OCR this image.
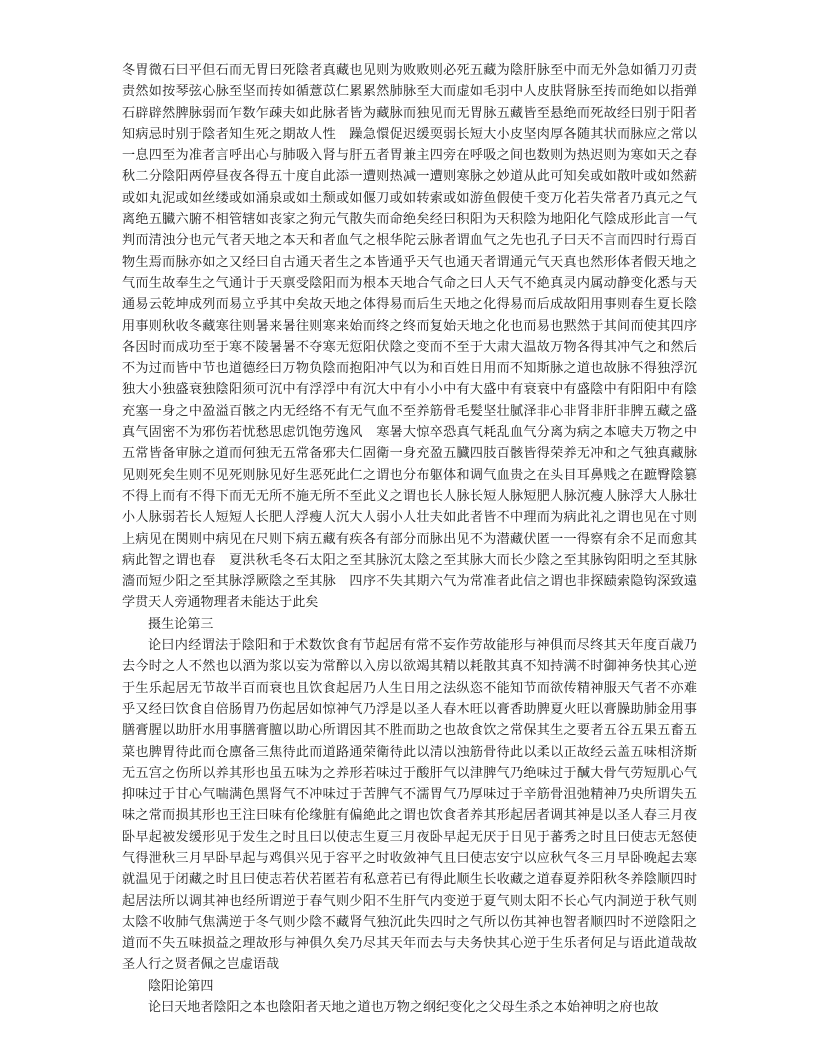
冬胃微石曰平但石而无胃曰死陰者真藏也见则为败败则必死五藏为陰肝脉至中而无外急如循刀刃责责然如按琴弦心脉至坚而抟如循薏苡仁累累然肺脉至大而虚如毛羽中人皮肤肾脉至抟而绝如以指弹石辟辟然脾脉弱而乍数乍疎夫如此脉者皆为藏脉而独见而无胃脉五藏皆至悬绝而死故经曰别于阳者知病忌时别于陰者知生死之期故人性　躁急懁促迟缓耎弱长短大小皮坚肉厚各随其状而脉应之常以一息四至为准者言呼出心与肺吸入肾与肝五者胃兼主四旁在呼吸之间也数则为热迟则为寒如天之春秋二分陰阳两停昼夜各得五十度自此添一遭则热减一遭则寒脉之妙道从此可知矣或如散叶或如然薪或如丸泥或如丝缕或如涌泉或如土颓或如偃刀或如转索或如游鱼假使千变万化若失常者乃真元之气离绝五臓六腑不相管辖如丧家之狗元气散失而命绝矣经曰积阳为天积陰为地阳化气陰成形此言一气判而清浊分也元气者天地之本天和者血气之根华陀云脉者谓血气之先也孔子曰天不言而四时行焉百物生焉而脉亦如之又经曰自古通天者生之本皆通乎天气也通天者谓通元气天真也然形体者假天地之气而生故奉生之气通计于天禀受陰阳而为根本天地合气命之曰人天气不絶真灵内属动静变化悉与天通易云乾坤成列而易立乎其中矣故天地之体得易而后生天地之化得易而后成故阳用事则春生夏长陰用事则秋收冬藏寒往则暑来暑往则寒来始而终之终而复始天地之化也而易也黙然于其间而使其四序各因时而成功至于寒不陵暑暑不夺寒无愆阳伏陰之变而不至于大肃大温故万物各得其冲气之和然后不为过而皆中节也道德经曰万物负陰而抱阳冲气以为和百姓日用而不知斯脉之道也故脉不得独浮沉独大小独盛衰独陰阳须可沉中有浮浮中有沉大中有小小中有大盛中有衰衰中有盛陰中有阳阳中有陰充塞一身之中盈溢百骸之内无经络不有无气血不至养筋骨毛髪坚壮膩泽非心非肾非肝非脾五藏之盛真气固密不为邪伤若忧愁思虑饥饱劳逸风　寒暑大惊卒恐真气耗乱血气分离为病之本噫夫万物之中五常皆备审脉之道而何独无五常备邪夫仁固衛一身充盈五臓四肢百骸皆得荣养无冲和之气独真藏脉见则死矣生则不见死则脉见好生恶死此仁之谓也分布躯体和调气血贵之在头目耳鼻贱之在蹠臀陰篡不得上而有不得下而无无所不施无所不至此义之谓也长人脉长短人脉短肥人脉沉瘦人脉浮大人脉壮小人脉弱若长人短短人长肥人浮瘦人沉大人弱小人壮夫如此者皆不中理而为病此礼之谓也见在寸则上病见在関则中病见在尺则下病五藏有疾各有部分而脉出见不为潜藏伏匿一一得察有余不足而愈其病此智之谓也春　夏洪秋毛冬石太阳之至其脉沉太陰之至其脉大而长少陰之至其脉钩阳明之至其脉濇而短少阳之至其脉浮厥陰之至其脉　四序不失其期六气为常准者此信之谓也非探赜索隐钩深致遠学贯天人旁通物理者未能达于此矣

摄生论第三

论曰内经谓法于陰阳和于术数饮食有节起居有常不妄作劳故能形与神俱而尽终其天年度百歳乃去今时之人不然也以酒为浆以妄为常醉以入房以欲竭其精以耗散其真不知持满不时御神务快其心逆于生乐起居无节故半百而衰也且饮食起居乃人生日用之法纵恣不能知节而欲传精神服天气者不亦难乎又经曰饮食自倍肠胃乃伤起居如惊神气乃浮是以圣人春木旺以膏香助脾夏火旺以膏臊助肺金用事膳膏腥以助肝水用事膳膏膻以助心所谓因其不胜而助之也故食饮之常保其生之要者五谷五果五畜五菜也脾胃待此而仓廪备三焦待此而道路通荣衛待此以清以浊筋骨待此以柔以正故经云盖五味相济斯无五宫之伤所以养其形也虽五味为之养形若味过于酸肝气以津脾气乃绝味过于醎大骨气劳短肌心气抑味过于甘心气喘满色黑肾气不冲味过于苦脾气不濡胃气乃厚味过于辛筋骨沮弛精神乃央所谓失五味之常而损其形也王注曰味有伦缘脏有偏絶此之谓也饮食者养其形起居者调其神是以圣人春三月夜卧早起被发缓形见于发生之时且曰以使志生夏三月夜卧早起无厌于日见于蕃秀之时且曰使志无怒使气得泄秋三月早卧早起与鸡俱兴见于容平之时收敛神气且曰使志安宁以应秋气冬三月早卧晚起去寒就温见于闭藏之时且曰使志若伏若匿若有私意若已有得此顺生长收藏之道春夏养阳秋冬养陰顺四时起居法所以调其神也经所谓逆于春气则少阳不生肝气内变逆于夏气则太阳不长心气内洞逆于秋气则太陰不收肺气焦满逆于冬气则少陰不藏肾气独沉此失四时之气所以伤其神也智者顺四时不逆陰阳之道而不失五味损益之理故形与神俱久矣乃尽其天年而去与夫务快其心逆于生乐者何足与语此道哉故圣人行之贤者佩之岂虚语哉

陰阳论第四

论曰天地者陰阳之本也陰阳者天地之道也万物之纲纪变化之父母生杀之本始神明之府也故
